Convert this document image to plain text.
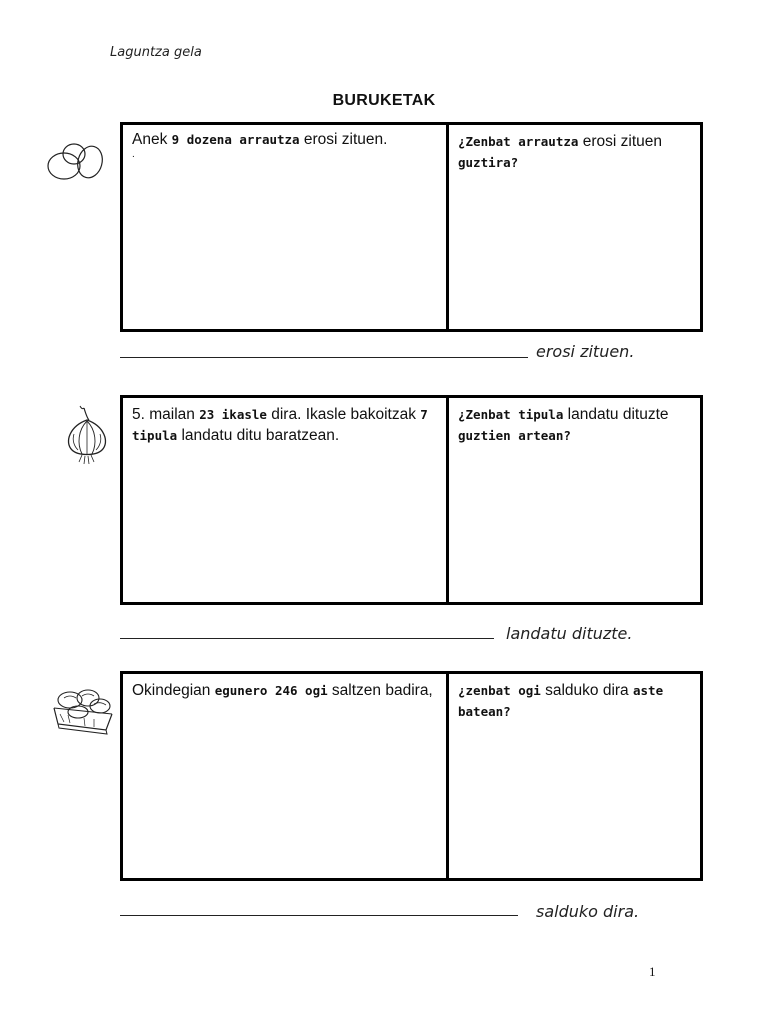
Laguntza gela
BURUKETAK
Anek 9 dozena arrautza erosi zituen.
.
¿Zenbat arrautza erosi zituen guztira?
erosi zituen.
5. mailan 23 ikasle dira. Ikasle bakoitzak 7 tipula landatu ditu baratzean.
¿Zenbat tipula landatu dituzte guztien artean?
landatu dituzte.
Okindegian egunero 246 ogi saltzen badira,	¿zenbat ogi salduko dira aste batean?
salduko dira.
1
